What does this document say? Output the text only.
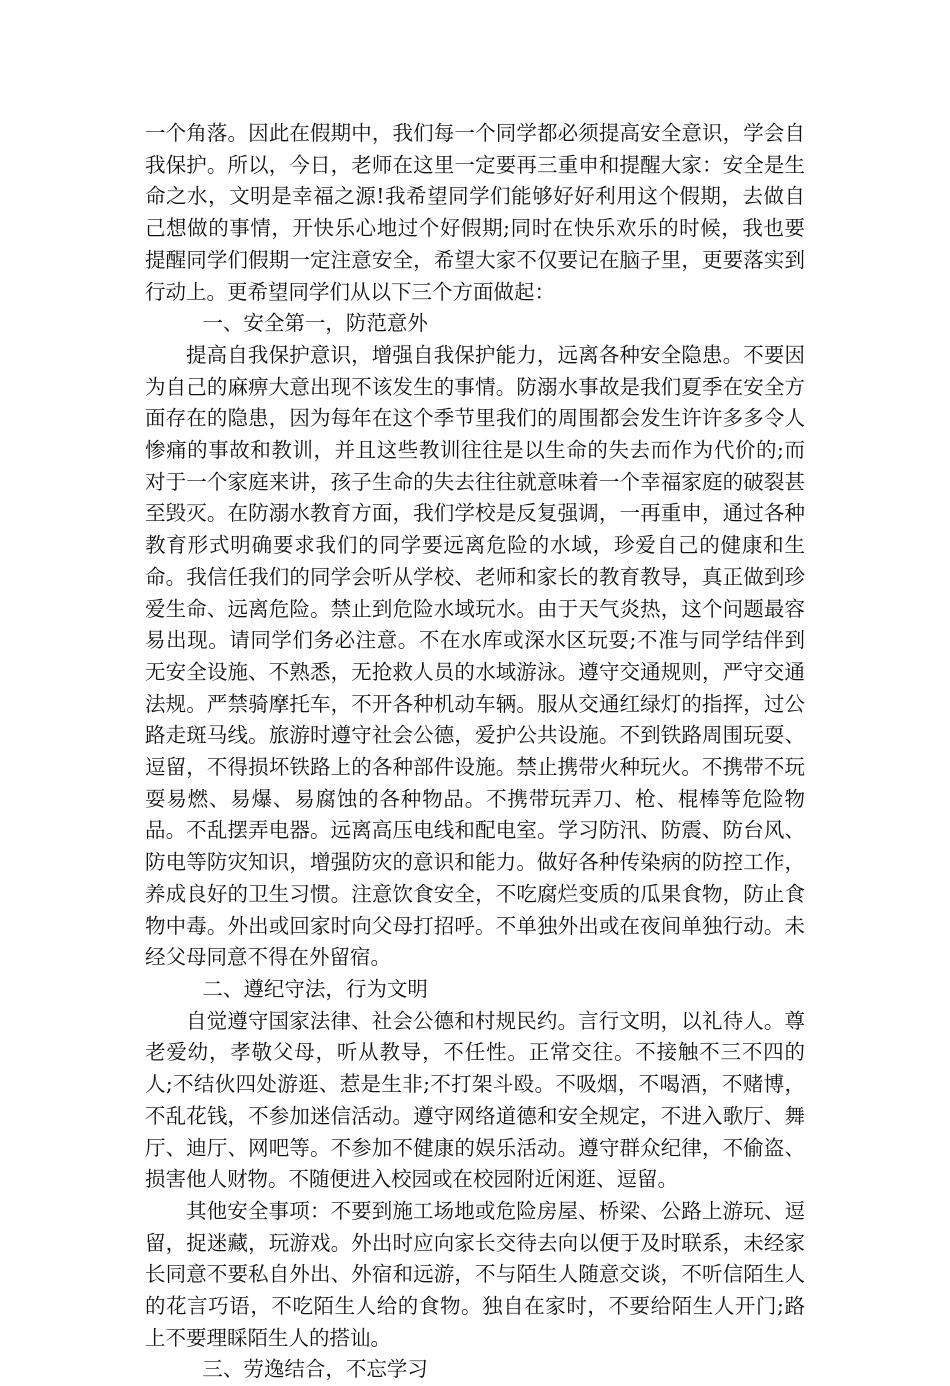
一个角落。因此在假期中，我们每一个同学都必须提高安全意识，学会自我保护。所以，今日，老师在这里一定要再三重申和提醒大家：安全是生命之水，文明是幸福之源!我希望同学们能够好好利用这个假期，去做自己想做的事情，开快乐心地过个好假期;同时在快乐欢乐的时候，我也要提醒同学们假期一定注意安全，希望大家不仅要记在脑子里，更要落实到行动上。更希望同学们从以下三个方面做起：

一、安全第一，防范意外

提高自我保护意识，增强自我保护能力，远离各种安全隐患。不要因为自己的麻痹大意出现不该发生的事情。防溺水事故是我们夏季在安全方面存在的隐患，因为每年在这个季节里我们的周围都会发生许许多多令人惨痛的事故和教训，并且这些教训往往是以生命的失去而作为代价的;而对于一个家庭来讲，孩子生命的失去往往就意味着一个幸福家庭的破裂甚至毁灭。在防溺水教育方面，我们学校是反复强调，一再重申，通过各种教育形式明确要求我们的同学要远离危险的水域，珍爱自己的健康和生命。我信任我们的同学会听从学校、老师和家长的教育教导，真正做到珍爱生命、远离危险。禁止到危险水域玩水。由于天气炎热，这个问题最容易出现。请同学们务必注意。不在水库或深水区玩耍;不准与同学结伴到无安全设施、不熟悉，无抢救人员的水域游泳。遵守交通规则，严守交通法规。严禁骑摩托车，不开各种机动车辆。服从交通红绿灯的指挥，过公路走斑马线。旅游时遵守社会公德，爱护公共设施。不到铁路周围玩耍、逗留，不得损坏铁路上的各种部件设施。禁止携带火种玩火。不携带不玩耍易燃、易爆、易腐蚀的各种物品。不携带玩弄刀、枪、棍棒等危险物品。不乱摆弄电器。远离高压电线和配电室。学习防汛、防震、防台风、防电等防灾知识，增强防灾的意识和能力。做好各种传染病的防控工作，养成良好的卫生习惯。注意饮食安全，不吃腐烂变质的瓜果食物，防止食物中毒。外出或回家时向父母打招呼。不单独外出或在夜间单独行动。未经父母同意不得在外留宿。

二、遵纪守法，行为文明

自觉遵守国家法律、社会公德和村规民约。言行文明，以礼待人。尊老爱幼，孝敬父母，听从教导，不任性。正常交往。不接触不三不四的人;不结伙四处游逛、惹是生非;不打架斗殴。不吸烟，不喝酒，不赌博，不乱花钱，不参加迷信活动。遵守网络道德和安全规定，不进入歌厅、舞厅、迪厅、网吧等。不参加不健康的娱乐活动。遵守群众纪律，不偷盗、损害他人财物。不随便进入校园或在校园附近闲逛、逗留。

其他安全事项：不要到施工场地或危险房屋、桥梁、公路上游玩、逗留，捉迷藏，玩游戏。外出时应向家长交待去向以便于及时联系，未经家长同意不要私自外出、外宿和远游，不与陌生人随意交谈，不听信陌生人的花言巧语，不吃陌生人给的食物。独自在家时，不要给陌生人开门;路上不要理睬陌生人的搭讪。

三、劳逸结合，不忘学习
